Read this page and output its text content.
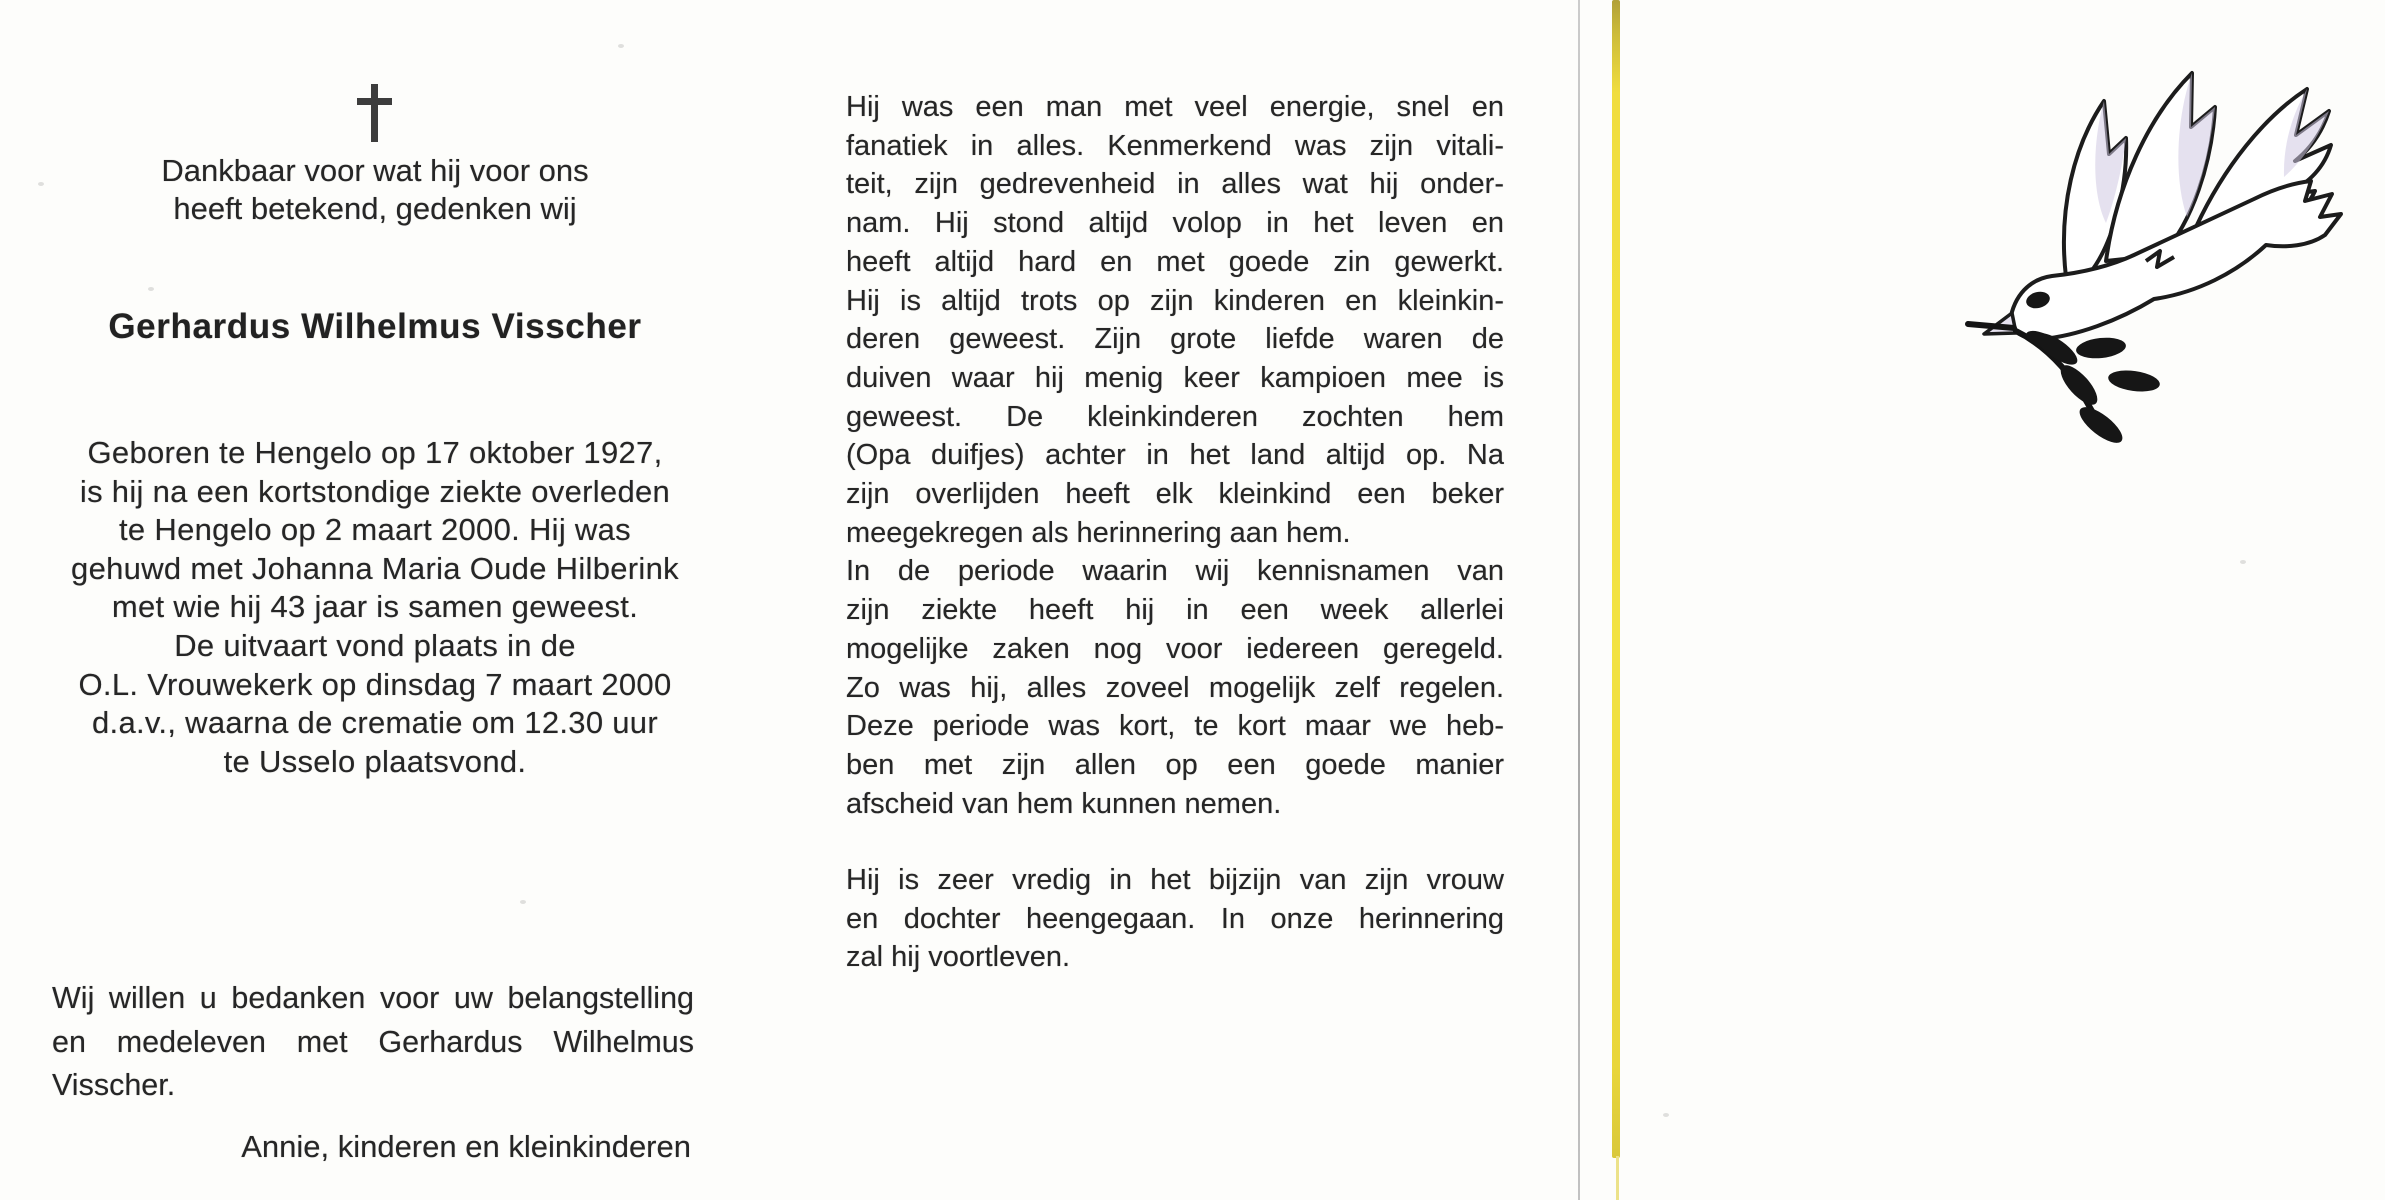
Dankbaar voor wat hij voor ons
heeft betekend, gedenken wij
Gerhardus Wilhelmus Visscher
Geboren te Hengelo op 17 oktober 1927,
is hij na een kortstondige ziekte overleden
te Hengelo op 2 maart 2000. Hij was
gehuwd met Johanna Maria Oude Hilberink
met wie hij 43 jaar is samen geweest.
De uitvaart vond plaats in de
O.L. Vrouwekerk op dinsdag 7 maart 2000
d.a.v., waarna de crematie om 12.30 uur
te Usselo plaatsvond.
Wij willen u bedanken voor uw belangstelling
en medeleven met Gerhardus Wilhelmus
Visscher.
Annie, kinderen en kleinkinderen
Hij was een man met veel energie, snel en
fanatiek in alles. Kenmerkend was zijn vitali-
teit, zijn gedrevenheid in alles wat hij onder-
nam. Hij stond altijd volop in het leven en
heeft altijd hard en met goede zin gewerkt.
Hij is altijd trots op zijn kinderen en kleinkin-
deren geweest. Zijn grote liefde waren de
duiven waar hij menig keer kampioen mee is
geweest. De kleinkinderen zochten hem
(Opa duifjes) achter in het land altijd op. Na
zijn overlijden heeft elk kleinkind een beker
meegekregen als herinnering aan hem.
In de periode waarin wij kennisnamen van
zijn ziekte heeft hij in een week allerlei
mogelijke zaken nog voor iedereen geregeld.
Zo was hij, alles zoveel mogelijk zelf regelen.
Deze periode was kort, te kort maar we heb-
ben met zijn allen op een goede manier
afscheid van hem kunnen nemen.
Hij is zeer vredig in het bijzijn van zijn vrouw
en dochter heengegaan. In onze herinnering
zal hij voortleven.
